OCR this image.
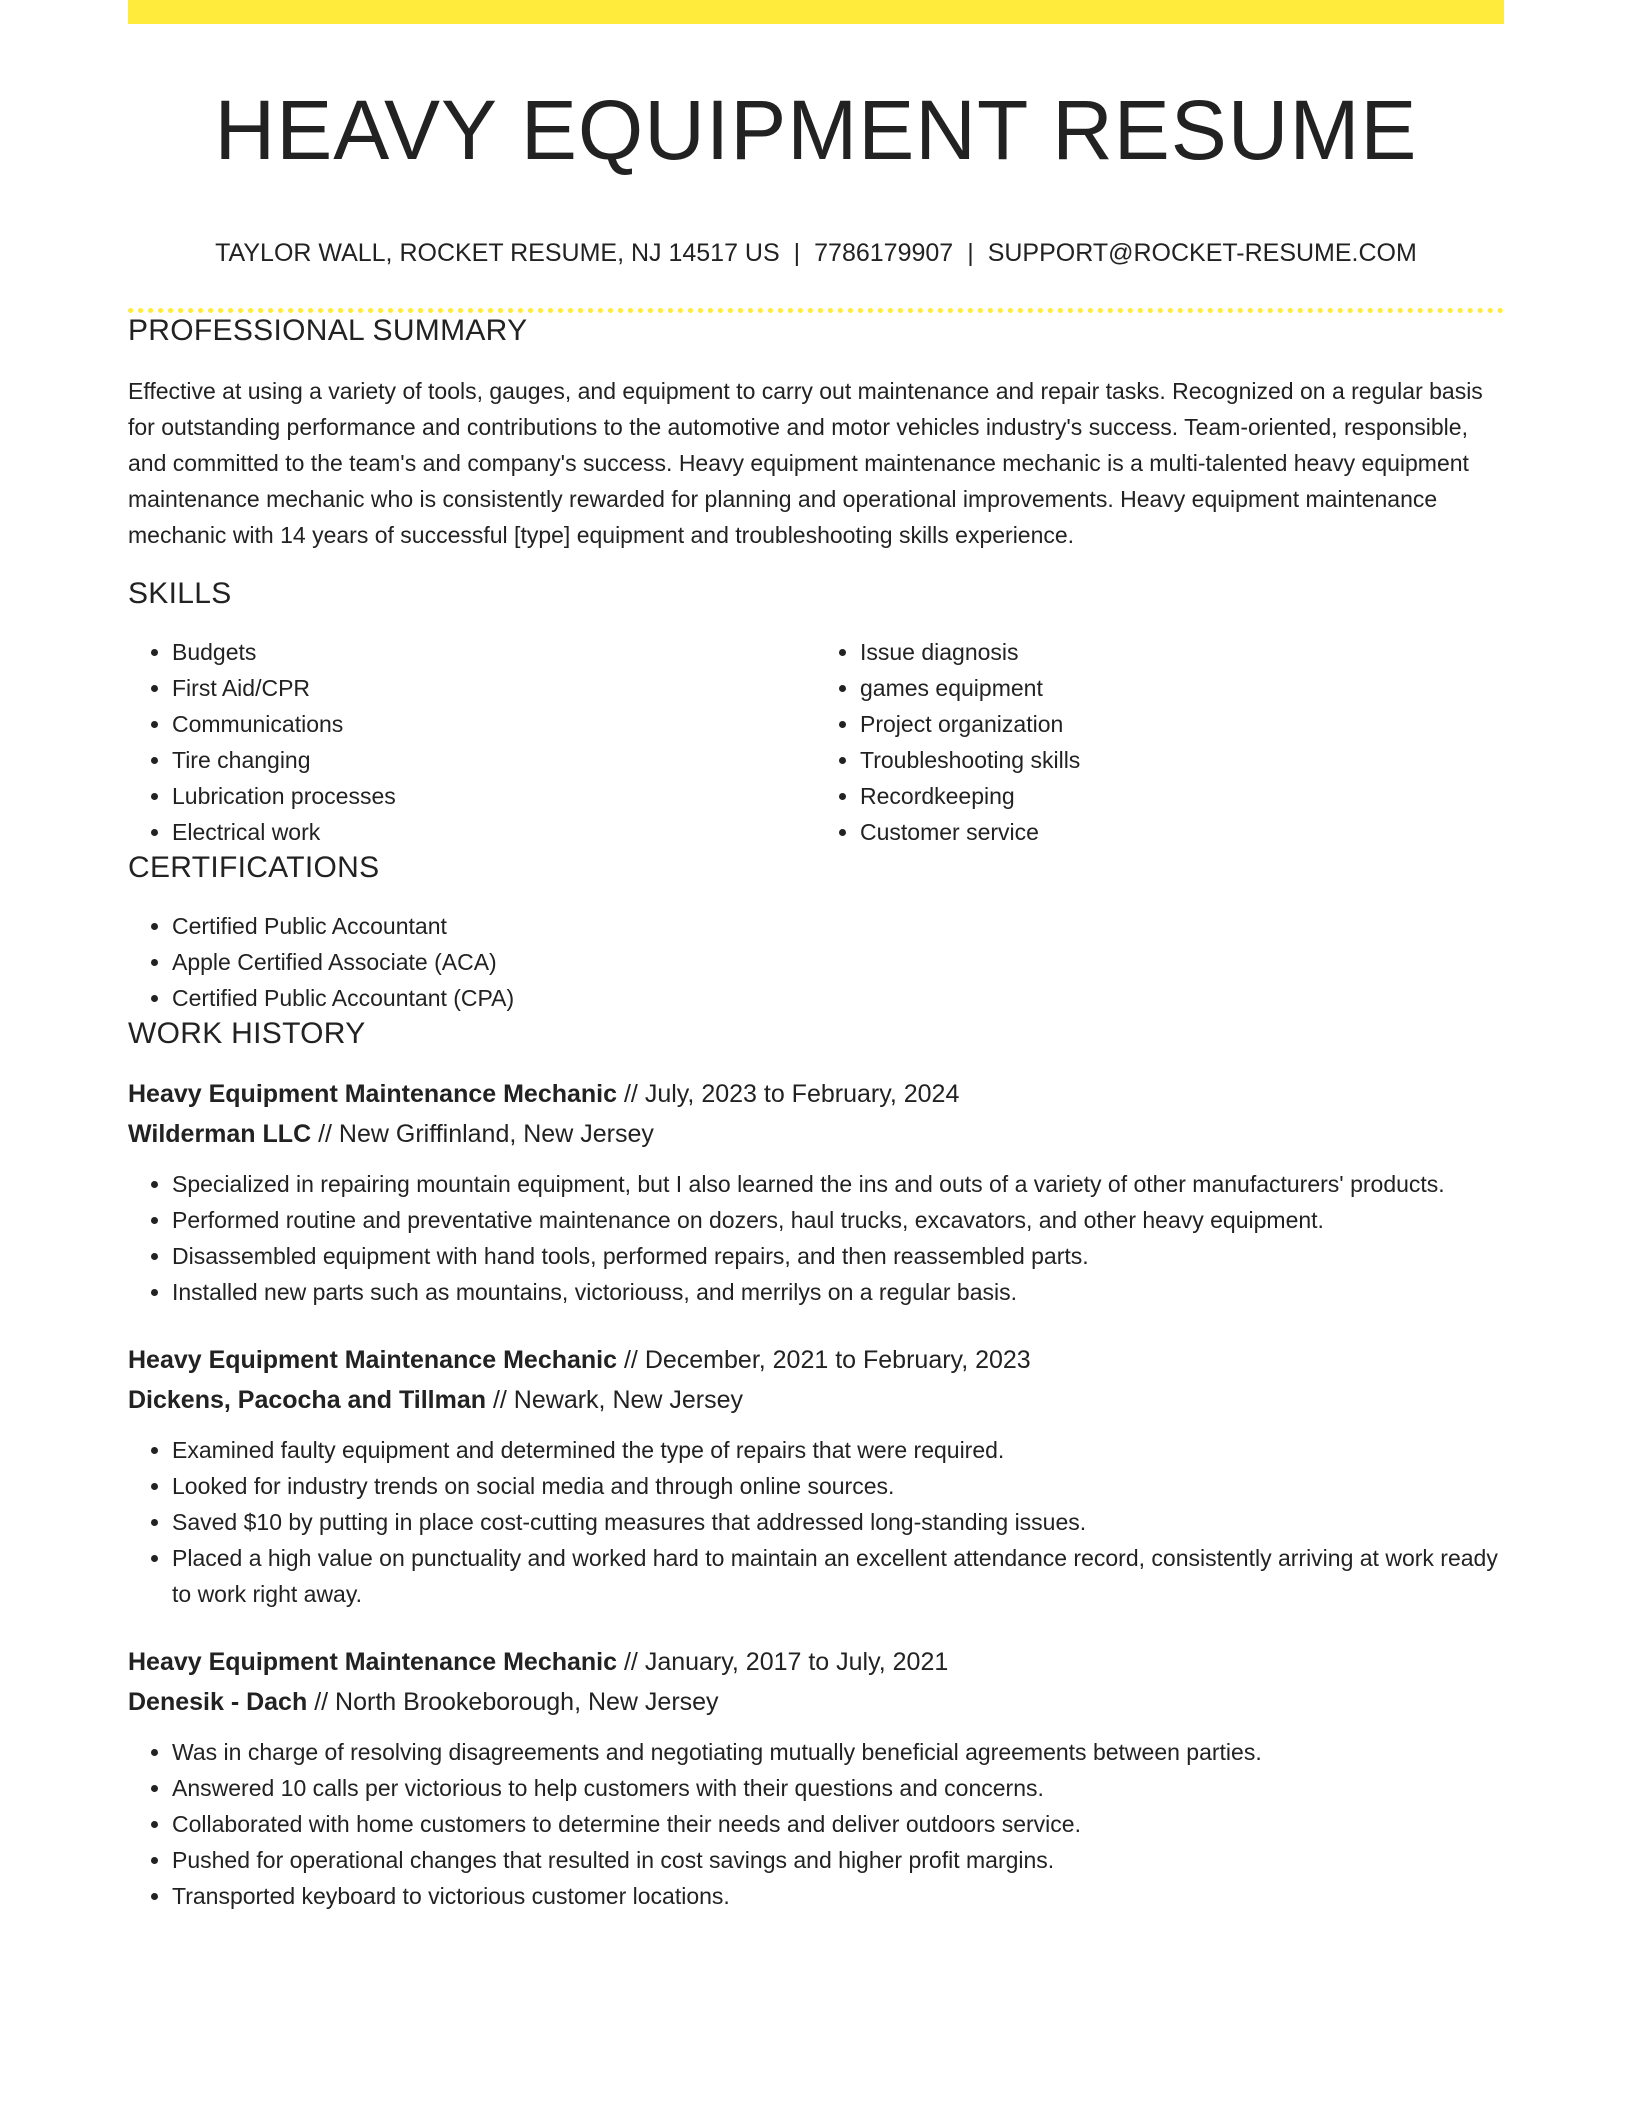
HEAVY EQUIPMENT RESUME
TAYLOR WALL, ROCKET RESUME, NJ 14517 US | 7786179907 | SUPPORT@ROCKET-RESUME.COM
PROFESSIONAL SUMMARY

Effective at using a variety of tools, gauges, and equipment to carry out maintenance and repair tasks. Recognized on a regular basis for outstanding performance and contributions to the automotive and motor vehicles industry's success. Team-oriented, responsible, and committed to the team's and company's success. Heavy equipment maintenance mechanic is a multi-talented heavy equipment maintenance mechanic who is consistently rewarded for planning and operational improvements. Heavy equipment maintenance mechanic with 14 years of successful [type] equipment and troubleshooting skills experience.

SKILLS
• Budgets
• First Aid/CPR
• Communications
• Tire changing
• Lubrication processes
• Electrical work
• Issue diagnosis
• games equipment
• Project organization
• Troubleshooting skills
• Recordkeeping
• Customer service
CERTIFICATIONS
• Certified Public Accountant
• Apple Certified Associate (ACA)
• Certified Public Accountant (CPA)
WORK HISTORY
Heavy Equipment Maintenance Mechanic // July, 2023 to February, 2024
Wilderman LLC // New Griffinland, New Jersey
• Specialized in repairing mountain equipment, but I also learned the ins and outs of a variety of other manufacturers' products.
• Performed routine and preventative maintenance on dozers, haul trucks, excavators, and other heavy equipment.
• Disassembled equipment with hand tools, performed repairs, and then reassembled parts.
• Installed new parts such as mountains, victoriouss, and merrilys on a regular basis.
Heavy Equipment Maintenance Mechanic // December, 2021 to February, 2023
Dickens, Pacocha and Tillman // Newark, New Jersey
• Examined faulty equipment and determined the type of repairs that were required.
• Looked for industry trends on social media and through online sources.
• Saved $10 by putting in place cost-cutting measures that addressed long-standing issues.
• Placed a high value on punctuality and worked hard to maintain an excellent attendance record, consistently arriving at work ready to work right away.
Heavy Equipment Maintenance Mechanic // January, 2017 to July, 2021
Denesik - Dach // North Brookeborough, New Jersey
• Was in charge of resolving disagreements and negotiating mutually beneficial agreements between parties.
• Answered 10 calls per victorious to help customers with their questions and concerns.
• Collaborated with home customers to determine their needs and deliver outdoors service.
• Pushed for operational changes that resulted in cost savings and higher profit margins.
• Transported keyboard to victorious customer locations.
